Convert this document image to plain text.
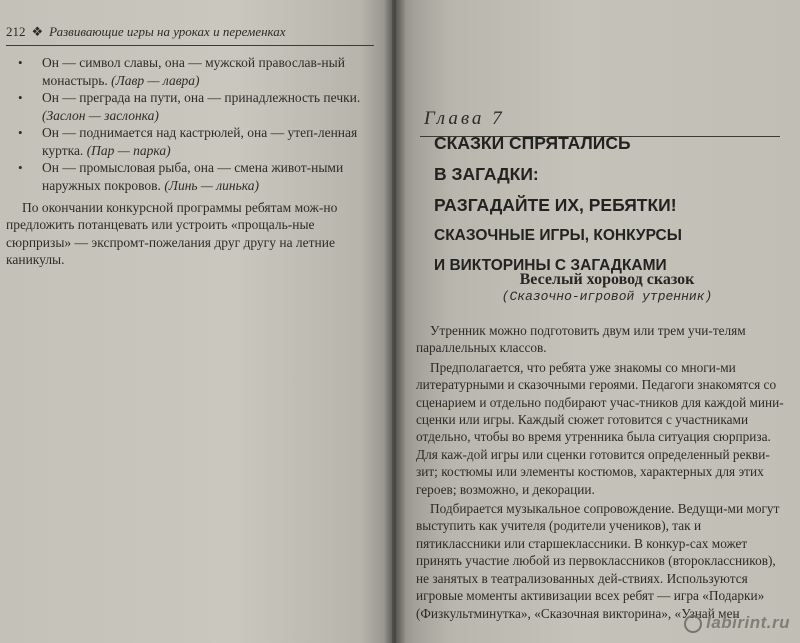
212 ❖ Развивающие игры на уроках и переменках
• Он — символ славы, она — мужской православ-ный монастырь. (Лавр — лавра)
• Он — преграда на пути, она — принадлежность печки. (Заслон — заслонка)
• Он — поднимается над кастрюлей, она — утеп-ленная куртка. (Пар — парка)
• Он — промысловая рыба, она — смена живот-ными наружных покровов. (Линь — линька)

По окончании конкурсной программы ребятам мож-но предложить потанцевать или устроить «прощаль-ные сюрпризы» — экспромт-пожелания друг другу на летние каникулы.

Глава 7

СКАЗКИ СПРЯТАЛИСЬ

В ЗАГАДКИ:

РАЗГАДАЙТЕ ИХ, РЕБЯТКИ!

СКАЗОЧНЫЕ ИГРЫ, КОНКУРСЫ

И ВИКТОРИНЫ С ЗАГАДКАМИ

Веселый хоровод сказок
(Сказочно-игровой утренник)

Утренник можно подготовить двум или трем учи-телям параллельных классов.

Предполагается, что ребята уже знакомы со многи-ми литературными и сказочными героями. Педагоги знакомятся со сценарием и отдельно подбирают учас-тников для каждой мини-сценки или игры. Каждый сюжет готовится с участниками отдельно, чтобы во время утренника была ситуация сюрприза. Для каж-дой игры или сценки готовится определенный рекви-зит; костюмы или элементы костюмов, характерных для этих героев; возможно, и декорации.

Подбирается музыкальное сопровождение. Ведущи-ми могут выступить как учителя (родители учеников), так и пятиклассники или старшеклассники. В конкур-сах может принять участие любой из первоклассников (второклассников), не занятых в театрализованных дей-ствиях. Используются игровые моменты активизации всех ребят — игра «Подарки» (Физкультминутка», «Сказочная викторина», «Узнай мен

labirint.ru
